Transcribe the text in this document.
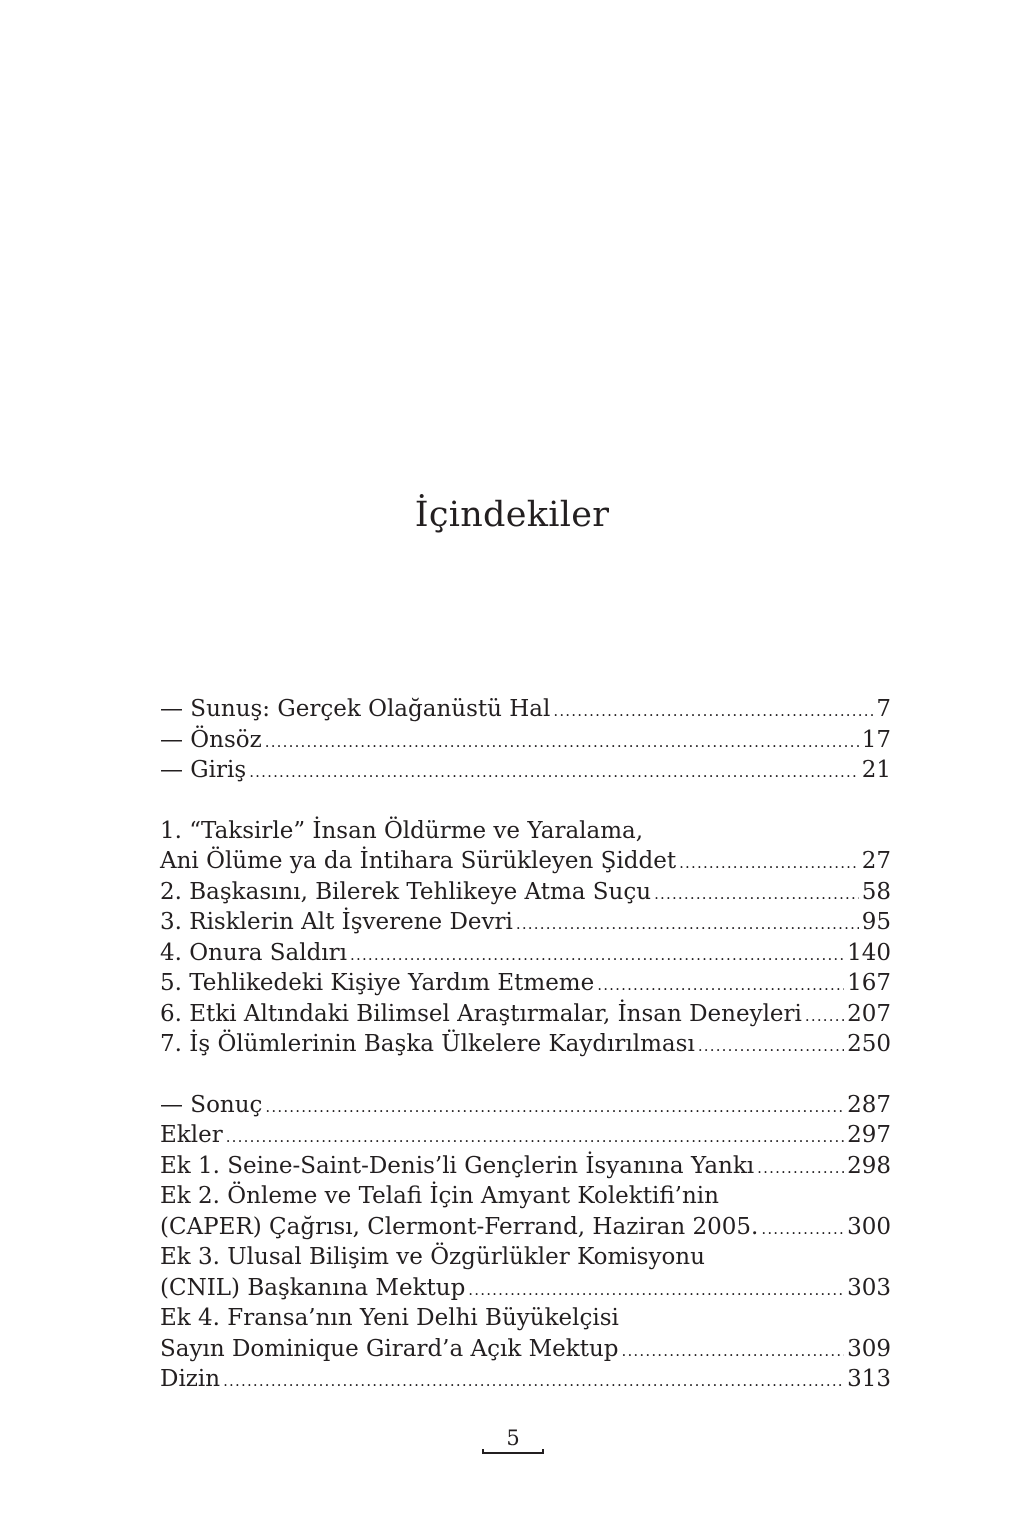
İçindekiler
— Sunuş: Gerçek Olağanüstü Hal .....	7
— Önsöz .....	17
— Giriş .....	21
1. “Taksirle” İnsan Öldürme ve Yaralama,
Ani Ölüme ya da İntihara Sürükleyen Şiddet .....	27
2. Başkasını, Bilerek Tehlikeye Atma Suçu .....	58
3. Risklerin Alt İşverene Devri .....	95
4. Onura Saldırı .....	140
5. Tehlikedeki Kişiye Yardım Etmeme .....	167
6. Etki Altındaki Bilimsel Araştırmalar, İnsan Deneyleri ..... 207
7. İş Ölümlerinin Başka Ülkelere Kaydırılması .....	250
— Sonuç .....	287
Ekler .....	297
Ek 1. Seine-Saint-Denis’li Gençlerin İsyanına Yankı .....	298
Ek 2. Önleme ve Telafi İçin Amyant Kolektifi’nin
(CAPER) Çağrısı, Clermont-Ferrand, Haziran 2005. .....	300
Ek 3. Ulusal Bilişim ve Özgürlükler Komisyonu
(CNIL) Başkanına Mektup .....	303
Ek 4. Fransa’nın Yeni Delhi Büyükelçisi
Sayın Dominique Girard’a Açık Mektup .....	309
Dizin .....	313
5
